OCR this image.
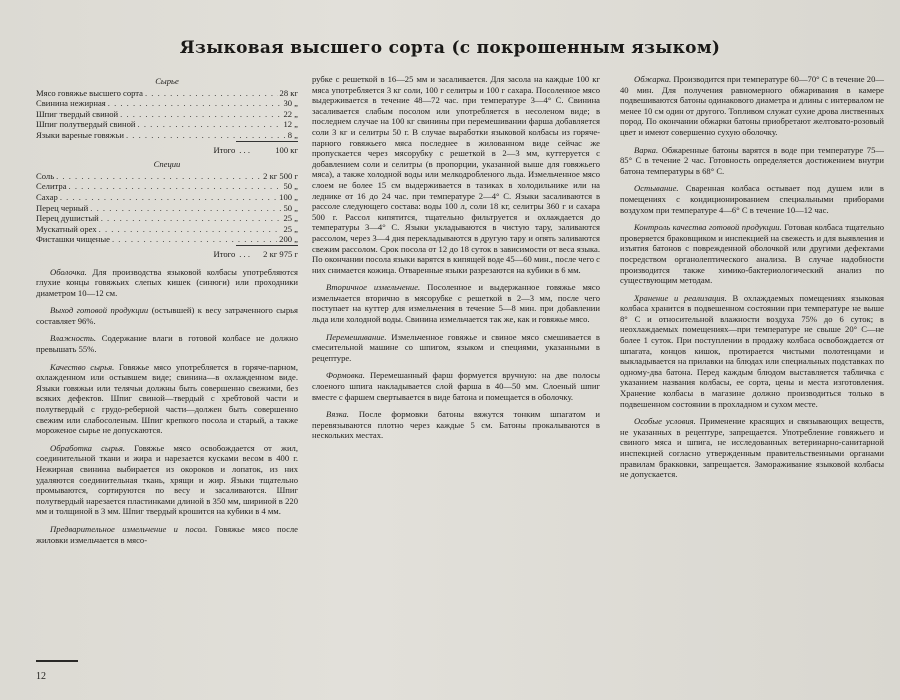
Языковая высшего сорта (с покрошенным языком)
Сырье
Мясо говяжье высшего сорта . . .	28 кг
Свинина нежирная . . .	30 „
Шпиг твердый свиной . . .	22 „
Шпиг полутвердый свиной . . .	12 „
Языки вареные говяжьи . . .	8 „
Итого . . .	100 кг
Специи
Соль . . .	2 кг 500 г
Селитра . . .	50 „
Сахар . . .	100 „
Перец черный . . .	50 „
Перец душистый . . .	25 „
Мускатный орех . . .	25 „
Фисташки чищеные . . .	200 „
Итого . . .	2 кг 975 г

Оболочка. Для производства языковой колбасы употребляются глухие концы говяжьих слепых кишек (синюги) или проходники диаметром 10—12 см.

Выход готовой продукции (остывшей) к весу затраченного сырья составляет 96%.

Влажность. Содержание влаги в готовой колбасе не должно превышать 55%.

Качество сырья. Говяжье мясо употребляется в горяче-парном, охлажденном или остывшем виде; свинина—в охлажденном виде. Языки говяжьи или телячьи должны быть совершенно свежими, без всяких дефектов. Шпиг свиной—твердый с хребтовой части и полутвердый с грудо-реберной части—должен быть совершенно свежим или слабосоленым. Шпиг крепкого посола и старый, а также мороженое сырье не допускаются.

Обработка сырья. Говяжье мясо освобождается от жил, соединительной ткани и жира и нарезается кусками весом в 400 г. Нежирная свинина выбирается из окороков и лопаток, из них удаляются соединительная ткань, хрящи и жир. Языки тщательно промываются, сортируются по весу и засаливаются. Шпиг полутвердый нарезается пластинками длиной в 350 мм, шириной в 220 мм и толщиной в 3 мм. Шпиг твердый крошится на кубики в 4 мм.

Предварительное измельчение и посол. Говяжье мясо после жиловки измельчается в мясо-

рубке с решеткой в 16—25 мм и засаливается. Для засола на каждые 100 кг мяса употребляется 3 кг соли, 100 г селитры и 100 г сахара. Посоленное мясо выдерживается в течение 48—72 час. при температуре 3—4° С. Свинина засаливается слабым посолом или употребляется в несоленом виде; в последнем случае на 100 кг свинины при перемешивании фарша добавляется соли 3 кг и селитры 50 г. В случае выработки языковой колбасы из горяче-парного говяжьего мяса последнее в жилованном виде сейчас же пропускается через мясорубку с решеткой в 2—3 мм, куттеруется с добавлением соли и селитры (в пропорции, указанной выше для говяжьего мяса), а также холодной воды или мелкодробленого льда. Измельченное мясо слоем не более 15 см выдерживается в тазиках в холодильнике или на леднике от 16 до 24 час. при температуре 2—4° С. Языки засаливаются в рассоле следующего состава: воды 100 л, соли 18 кг, селитры 360 г и сахара 500 г. Рассол кипятится, тщательно фильтруется и охлаждается до температуры 3—4° С. Языки укладываются в чистую тару, заливаются рассолом, через 3—4 дня перекладываются в другую тару и опять заливаются свежим рассолом. Срок посола от 12 до 18 суток в зависимости от веса языка. По окончании посола языки варятся в кипящей воде 45—60 мин., после чего с них снимается кожица. Отваренные языки разрезаются на кубики в 6 мм.

Вторичное измельчение. Посоленное и выдержанное говяжье мясо измельчается вторично в мясорубке с решеткой в 2—3 мм, после чего поступает на куттер для измельчения в течение 5—8 мин. при добавлении льда или холодной воды. Свинина измельчается так же, как и говяжье мясо.

Перемешивание. Измельченное говяжье и свиное мясо смешивается в смесительной машине со шпигом, языком и специями, указанными в рецептуре.

Формовка. Перемешанный фарш формуется вручную: на две полосы слоеного шпига накладывается слой фарша в 40—50 мм. Слоеный шпиг вместе с фаршем свертывается в виде батона и помещается в оболочку.

Вязка. После формовки батоны вяжутся тонким шпагатом и перевязываются плотно через каждые 5 см. Батоны прокалываются в нескольких местах.

Обжарка. Производится при температуре 60—70° С в течение 20—40 мин. Для получения равномерного обжаривания в камере подвешиваются батоны одинакового диаметра и длины с интервалом не менее 10 см один от другого. Топливом служат сухие дрова лиственных пород. По окончании обжарки батоны приобретают желтовато-розовый цвет и имеют совершенно сухую оболочку.

Варка. Обжаренные батоны варятся в воде при температуре 75—85° С в течение 2 час. Готовность определяется достижением внутри батона температуры в 68° С.

Остывание. Сваренная колбаса остывает под душем или в помещениях с кондиционированием специальными приборами воздухом при температуре 4—6° С в течение 10—12 час.

Контроль качества готовой продукции. Готовая колбаса тщательно проверяется браковщиком и инспекцией на свежесть и для выявления и изъятия батонов с поврежденной оболочкой или другими дефектами посредством органолептического анализа. В случае надобности производится также химико-бактериологический анализ по существующим методам.

Хранение и реализация. В охлаждаемых помещениях языковая колбаса хранится в подвешенном состоянии при температуре не выше 8° С и относительной влажности воздуха 75% до 6 суток; в неохлаждаемых помещениях—при температуре не свыше 20° С—не более 1 суток. При поступлении в продажу колбаса освобождается от шпагата, концов кишок, протирается чистыми полотенцами и выкладывается на прилавки на блюдах или специальных подставках по одному-два батона. Перед каждым блюдом выставляется табличка с указанием названия колбасы, ее сорта, цены и места изготовления. Хранение колбасы в магазине должно производиться только в подвешенном состоянии в прохладном и сухом месте.

Особые условия. Применение красящих и связывающих веществ, не указанных в рецептуре, запрещается. Употребление говяжьего и свиного мяса и шпига, не исследованных ветеринарно-санитарной инспекцией согласно утвержденным правительственными органами правилам бракковки, запрещается. Замораживание языковой колбасы не допускается.

12
